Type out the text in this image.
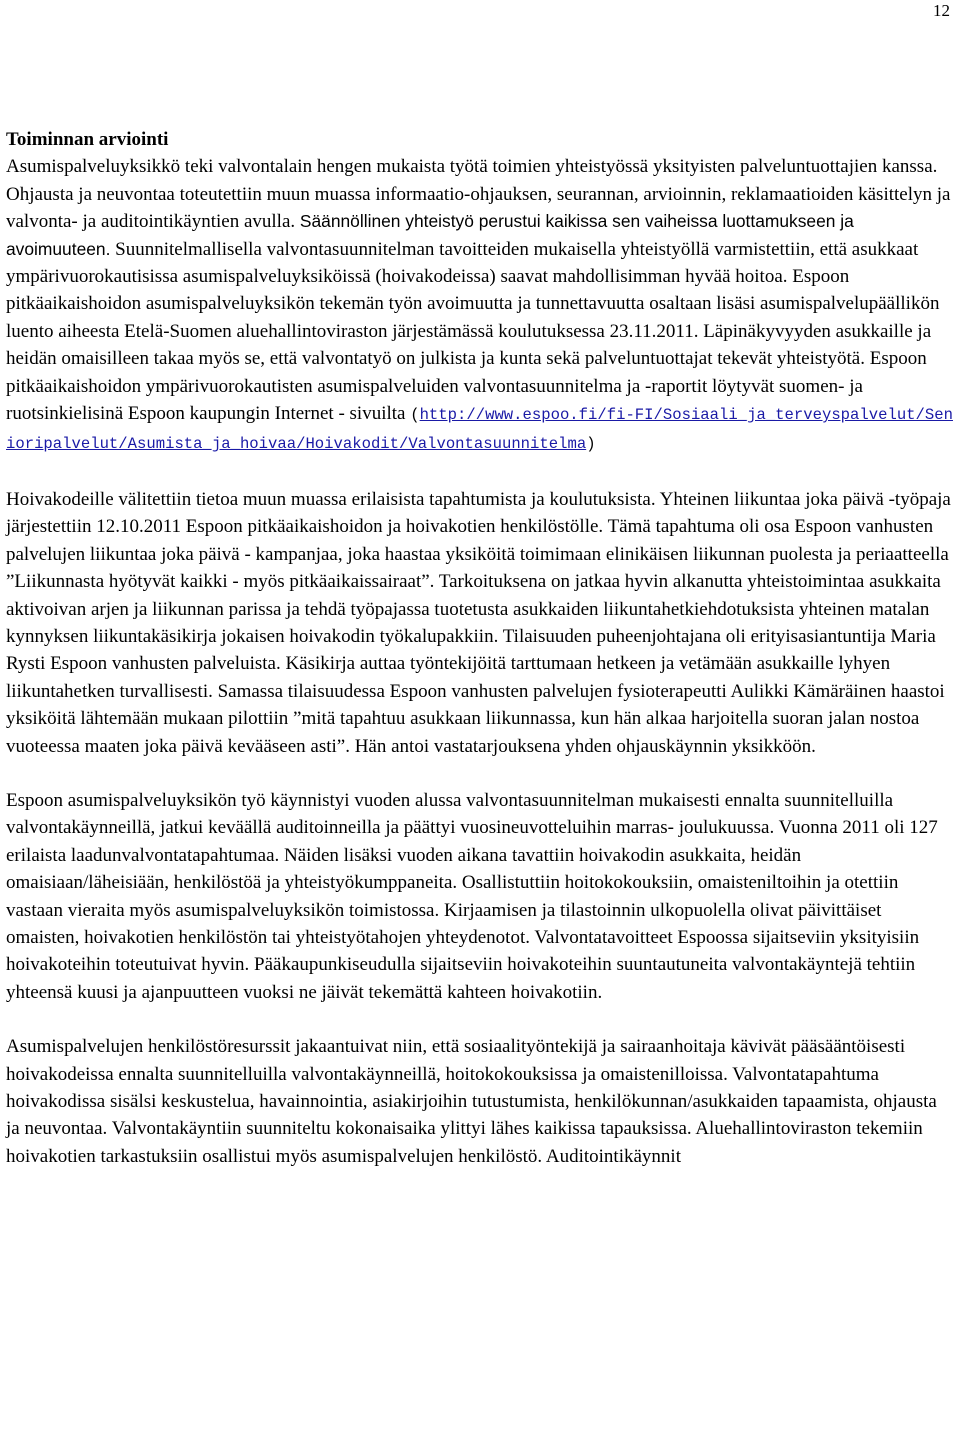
12

Toiminnan arviointi

Asumispalveluyksikkö teki valvontalain hengen mukaista työtä toimien yhteistyössä yksityisten palveluntuottajien kanssa. Ohjausta ja neuvontaa toteutettiin muun muassa informaatio-ohjauksen, seurannan, arvioinnin, reklamaatioiden käsittelyn ja valvonta- ja auditointikäyntien avulla. Säännöllinen yhteistyö perustui kaikissa sen vaiheissa luottamukseen ja avoimuuteen. Suunnitelmallisella valvontasuunnitelman tavoitteiden mukaisella yhteistyöllä varmistettiin, että asukkaat ympärivuorokautisissa asumispalveluyksiköissä (hoivakodeissa) saavat mahdollisimman hyvää hoitoa. Espoon pitkäaikaishoidon asumispalveluyksikön tekemän työn avoimuutta ja tunnettavuutta osaltaan lisäsi asumispalvelupäällikön luento aiheesta Etelä-Suomen aluehallintoviraston järjestämässä koulutuksessa 23.11.2011. Läpinäkyvyyden asukkaille ja heidän omaisilleen takaa myös se, että valvontatyö on julkista ja kunta sekä palveluntuottajat tekevät yhteistyötä. Espoon pitkäaikaishoidon ympärivuorokautisten asumispalveluiden valvontasuunnitelma ja -raportit löytyvät suomen- ja ruotsinkielisinä Espoon kaupungin Internet - sivuilta (http://www.espoo.fi/fi-FI/Sosiaali_ja_terveyspalvelut/Senioripalvelut/Asumista_ja_hoivaa/Hoivakodit/Valvontasuunnitelma)

Hoivakodeille välitettiin tietoa muun muassa erilaisista tapahtumista ja koulutuksista. Yhteinen liikuntaa joka päivä -työpaja järjestettiin 12.10.2011 Espoon pitkäaikaishoidon ja hoivakotien henkilöstölle. Tämä tapahtuma oli osa Espoon vanhusten palvelujen liikuntaa joka päivä - kampanjaa, joka haastaa yksiköitä toimimaan elinikäisen liikunnan puolesta ja periaatteella ”Liikunnasta hyötyvät kaikki - myös pitkäaikaissairaat”. Tarkoituksena on jatkaa hyvin alkanutta yhteistoimintaa asukkaita aktivoivan arjen ja liikunnan parissa ja tehdä työpajassa tuotetusta asukkaiden liikuntahetkiehdotuksista yhteinen matalan kynnyksen liikuntakäsikirja jokaisen hoivakodin työkalupakkiin. Tilaisuuden puheenjohtajana oli erityisasiantuntija Maria Rysti Espoon vanhusten palveluista. Käsikirja auttaa työntekijöitä tarttumaan hetkeen ja vetämään asukkaille lyhyen liikuntahetken turvallisesti. Samassa tilaisuudessa Espoon vanhusten palvelujen fysioterapeutti Aulikki Kämäräinen haastoi yksiköitä lähtemään mukaan pilottiin ”mitä tapahtuu asukkaan liikunnassa, kun hän alkaa harjoitella suoran jalan nostoa vuoteessa maaten joka päivä kevääseen asti”. Hän antoi vastatarjouksena yhden ohjauskäynnin yksikköön.

Espoon asumispalveluyksikön työ käynnistyi vuoden alussa valvontasuunnitelman mukaisesti ennalta suunnitelluilla valvontakäynneillä, jatkui keväällä auditoinneilla ja päättyi vuosineuvotteluihin marras- joulukuussa. Vuonna 2011 oli 127 erilaista laadunvalvontatapahtumaa. Näiden lisäksi vuoden aikana tavattiin hoivakodin asukkaita, heidän omaisiaan/läheisiään, henkilöstöä ja yhteistyökumppaneita. Osallistuttiin hoitokokouksiin, omaisteniltoihin ja otettiin vastaan vieraita myös asumispalveluyksikön toimistossa. Kirjaamisen ja tilastoinnin ulkopuolella olivat päivittäiset omaisten, hoivakotien henkilöstön tai yhteistyötahojen yhteydenotot. Valvontatavoitteet Espoossa sijaitseviin yksityisiin hoivakoteihin toteutuivat hyvin. Pääkaupunkiseudulla sijaitseviin hoivakoteihin suuntautuneita valvontakäyntejä tehtiin yhteensä kuusi ja ajanpuutteen vuoksi ne jäivät tekemättä kahteen hoivakotiin.

Asumispalvelujen henkilöstöresurssit jakaantuivat niin, että sosiaalityöntekijä ja sairaanhoitaja kävivät pääsääntöisesti hoivakodeissa ennalta suunnitelluilla valvontakäynneillä, hoitokokouksissa ja omaistenilloissa. Valvontatapahtuma hoivakodissa sisälsi keskustelua, havainnointia, asiakirjoihin tutustumista, henkilökunnan/asukkaiden tapaamista, ohjausta ja neuvontaa. Valvontakäyntiin suunniteltu kokonaisaika ylittyi lähes kaikissa tapauksissa. Aluehallintoviraston tekemiin hoivakotien tarkastuksiin osallistui myös asumispalvelujen henkilöstö. Auditointikäynnit
